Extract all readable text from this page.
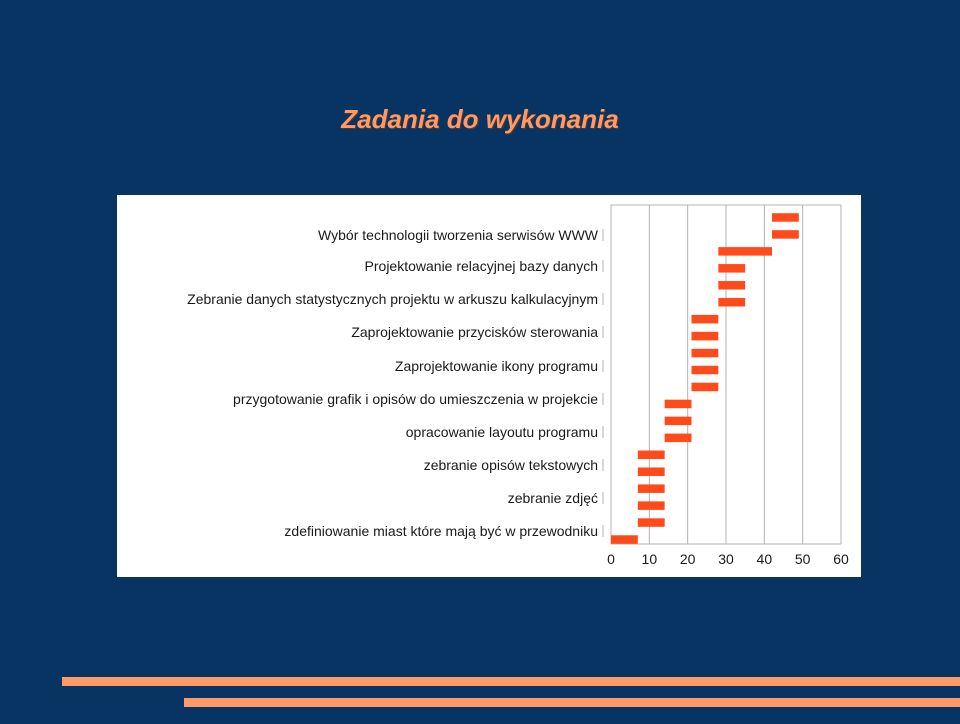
Zadania do wykonania
Wybór technologii tworzenia serwisów WWW
Projektowanie relacyjnej bazy danych
Zebranie danych statystycznych projektu w arkuszu kalkulacyjnym
Zaprojektowanie przycisków sterowania
Zaprojektowanie ikony programu
przygotowanie grafik i opisów do umieszczenia w projekcie
opracowanie layoutu programu
zebranie opisów tekstowych
zebranie zdjęć
zdefiniowanie miast które mają być w przewodniku
0 10 20 30 40 50 60
